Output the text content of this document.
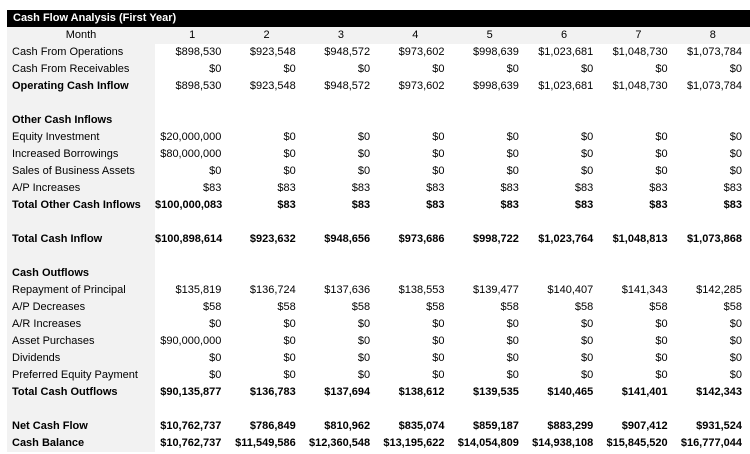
Cash Flow Analysis (First Year)
Month	1	2	3	4	5	6	7	8
Cash From Operations	$898,530	$923,548	$948,572	$973,602	$998,639	$1,023,681	$1,048,730	$1,073,784
Cash From Receivables	$0	$0	$0	$0	$0	$0	$0	$0
Operating Cash Inflow	$898,530	$923,548	$948,572	$973,602	$998,639	$1,023,681	$1,048,730	$1,073,784
Other Cash Inflows
Equity Investment	$20,000,000	$0	$0	$0	$0	$0	$0	$0
Increased Borrowings	$80,000,000	$0	$0	$0	$0	$0	$0	$0
Sales of Business Assets	$0	$0	$0	$0	$0	$0	$0	$0
A/P Increases	$83	$83	$83	$83	$83	$83	$83	$83
Total Other Cash Inflows	$100,000,083	$83	$83	$83	$83	$83	$83	$83
Total Cash Inflow	$100,898,614	$923,632	$948,656	$973,686	$998,722	$1,023,764	$1,048,813	$1,073,868
Cash Outflows
Repayment of Principal	$135,819	$136,724	$137,636	$138,553	$139,477	$140,407	$141,343	$142,285
A/P Decreases	$58	$58	$58	$58	$58	$58	$58	$58
A/R Increases	$0	$0	$0	$0	$0	$0	$0	$0
Asset Purchases	$90,000,000	$0	$0	$0	$0	$0	$0	$0
Dividends	$0	$0	$0	$0	$0	$0	$0	$0
Preferred Equity Payment	$0	$0	$0	$0	$0	$0	$0	$0
Total Cash Outflows	$90,135,877	$136,783	$137,694	$138,612	$139,535	$140,465	$141,401	$142,343
Net Cash Flow	$10,762,737	$786,849	$810,962	$835,074	$859,187	$883,299	$907,412	$931,524
Cash Balance	$10,762,737	$11,549,586	$12,360,548	$13,195,622	$14,054,809	$14,938,108	$15,845,520	$16,777,044
